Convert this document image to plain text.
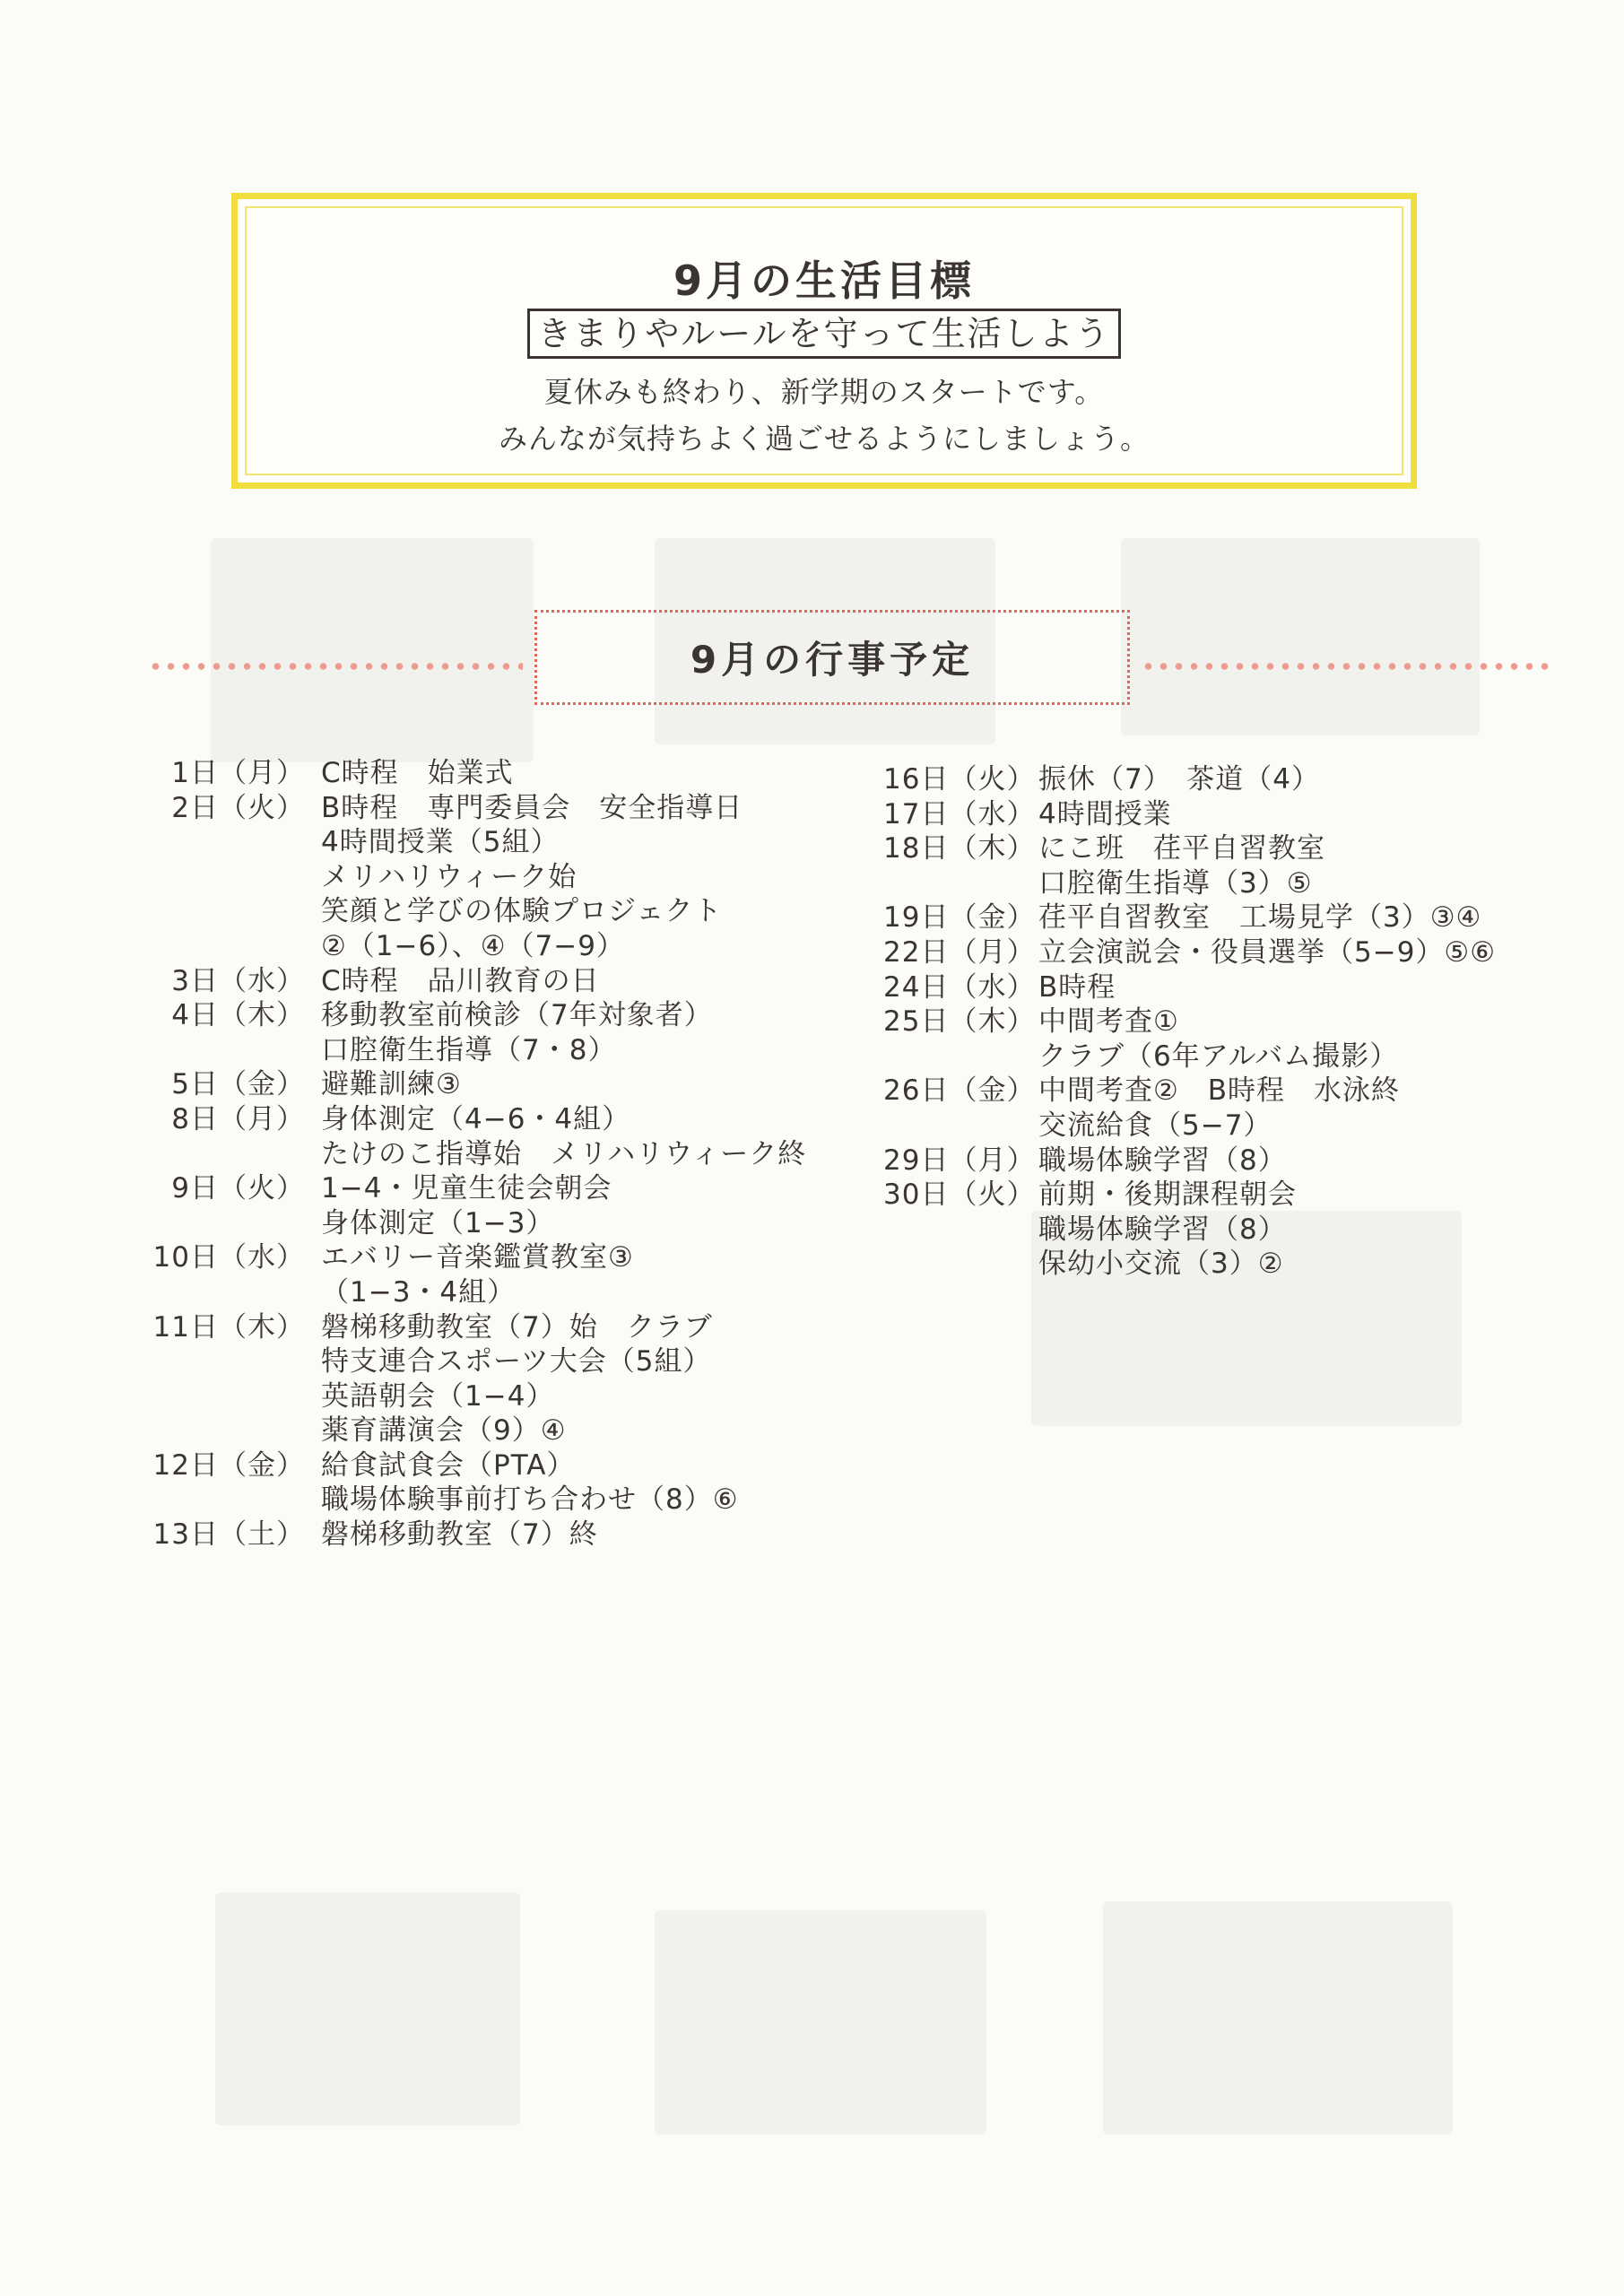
9月の生活目標
きまりやルールを守って生活しよう
夏休みも終わり、新学期のスタートです。
みんなが気持ちよく過ごせるようにしましょう。
9月の行事予定
1日（月） C時程　始業式
2日（火） B時程　専門委員会　安全指導日
4時間授業（5組）
メリハリウィーク始
笑顔と学びの体験プロジェクト
②（1−6）、④（7−9）
3日（水） C時程　品川教育の日
4日（木） 移動教室前検診（7年対象者）
口腔衛生指導（7・8）
5日（金） 避難訓練③
8日（月） 身体測定（4−6・4組）
たけのこ指導始　メリハリウィーク終
9日（火） 1−4・児童生徒会朝会
身体測定（1−3）
10日（水） エバリー音楽鑑賞教室③
（1−3・4組）
11日（木） 磐梯移動教室（7）始　クラブ
特支連合スポーツ大会（5組）
英語朝会（1−4）
薬育講演会（9）④
12日（金） 給食試食会（PTA）
職場体験事前打ち合わせ（8）⑥
13日（土） 磐梯移動教室（7）終
16日（火） 振休（7）　茶道（4）
17日（水） 4時間授業
18日（木） にこ班　荏平自習教室
口腔衛生指導（3）⑤
19日（金） 荏平自習教室　工場見学（3）③④
22日（月） 立会演説会・役員選挙（5−9）⑤⑥
24日（水） B時程
25日（木） 中間考査①
クラブ（6年アルバム撮影）
26日（金） 中間考査②　B時程　水泳終
交流給食（5−7）
29日（月） 職場体験学習（8）
30日（火） 前期・後期課程朝会
職場体験学習（8）
保幼小交流（3）②
